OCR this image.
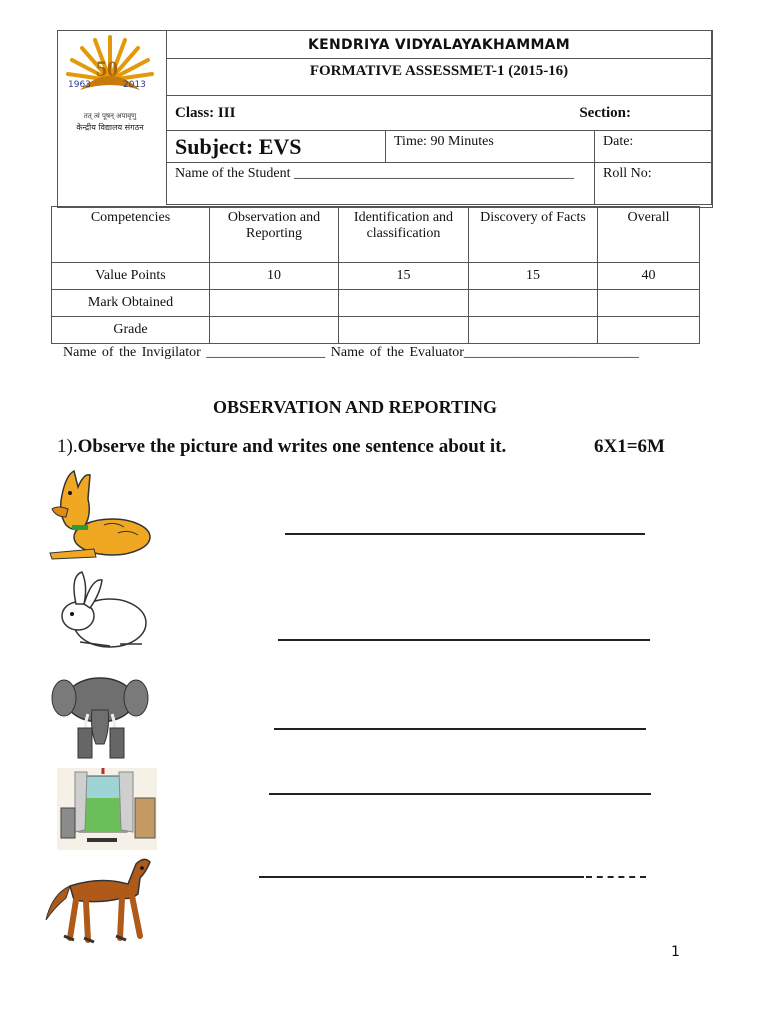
50
1963	2013
तत् त्वं पूषन् अपावृणु
केन्द्रीय विद्यालय संगठन
KENDRIYA VIDYALAYAKHAMMAM		
FORMATIVE ASSESSMET-1 (2015-16)		

Class: III Section:		

Subject: EVS	Time: 90 Minutes	Date:
Name of the Student ________________________________________		Roll No:
Competencies	Observation and Reporting	Identification and classification	Discovery of Facts	Overall
Value Points	10	15	15	40
Mark Obtained				
Grade				
Name of the Invigilator _________________ Name of the Evaluator_________________________
OBSERVATION AND REPORTING
1).Observe the picture and writes one sentence about it.	6X1=6M
1
